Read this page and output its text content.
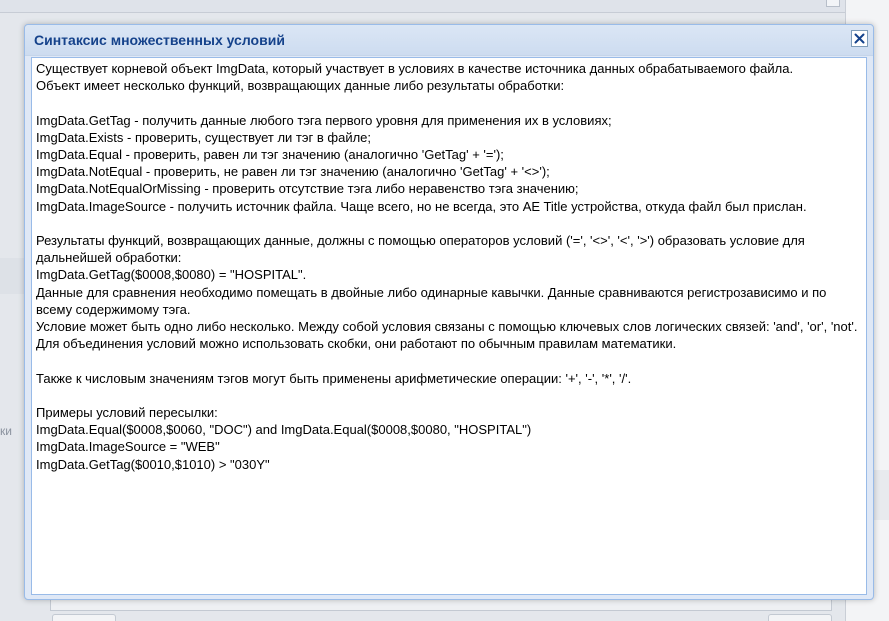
ки
Синтаксис множественных условий
Существует корневой объект ImgData, который участвует в условиях в качестве источника данных обрабатываемого файла.
Объект имеет несколько функций, возвращающих данные либо результаты обработки:

ImgData.GetTag - получить данные любого тэга первого уровня для применения их в условиях;
ImgData.Exists - проверить, существует ли тэг в файле;
ImgData.Equal - проверить, равен ли тэг значению (аналогично 'GetTag' + '=');
ImgData.NotEqual - проверить, не равен ли тэг значению (аналогично 'GetTag' + '<>');
ImgData.NotEqualOrMissing - проверить отсутствие тэга либо неравенство тэга значению;
ImgData.ImageSource - получить источник файла. Чаще всего, но не всегда, это AE Title устройства, откуда файл был прислан.

Результаты функций, возвращающих данные, должны с помощью операторов условий ('=', '<>', '<', '>') образовать условие для дальнейшей обработки:
ImgData.GetTag($0008,$0080) = "HOSPITAL".
Данные для сравнения необходимо помещать в двойные либо одинарные кавычки. Данные сравниваются регистрозависимо и по всему содержимому тэга.
Условие может быть одно либо несколько. Между собой условия связаны с помощью ключевых слов логических связей: 'and', 'or', 'not'.
Для объединения условий можно использовать скобки, они работают по обычным правилам математики.

Также к числовым значениям тэгов могут быть применены арифметические операции: '+', '-', '*', '/'.

Примеры условий пересылки:
ImgData.Equal($0008,$0060, "DOC") and ImgData.Equal($0008,$0080, "HOSPITAL")
ImgData.ImageSource = "WEB"
ImgData.GetTag($0010,$1010) > "030Y"
